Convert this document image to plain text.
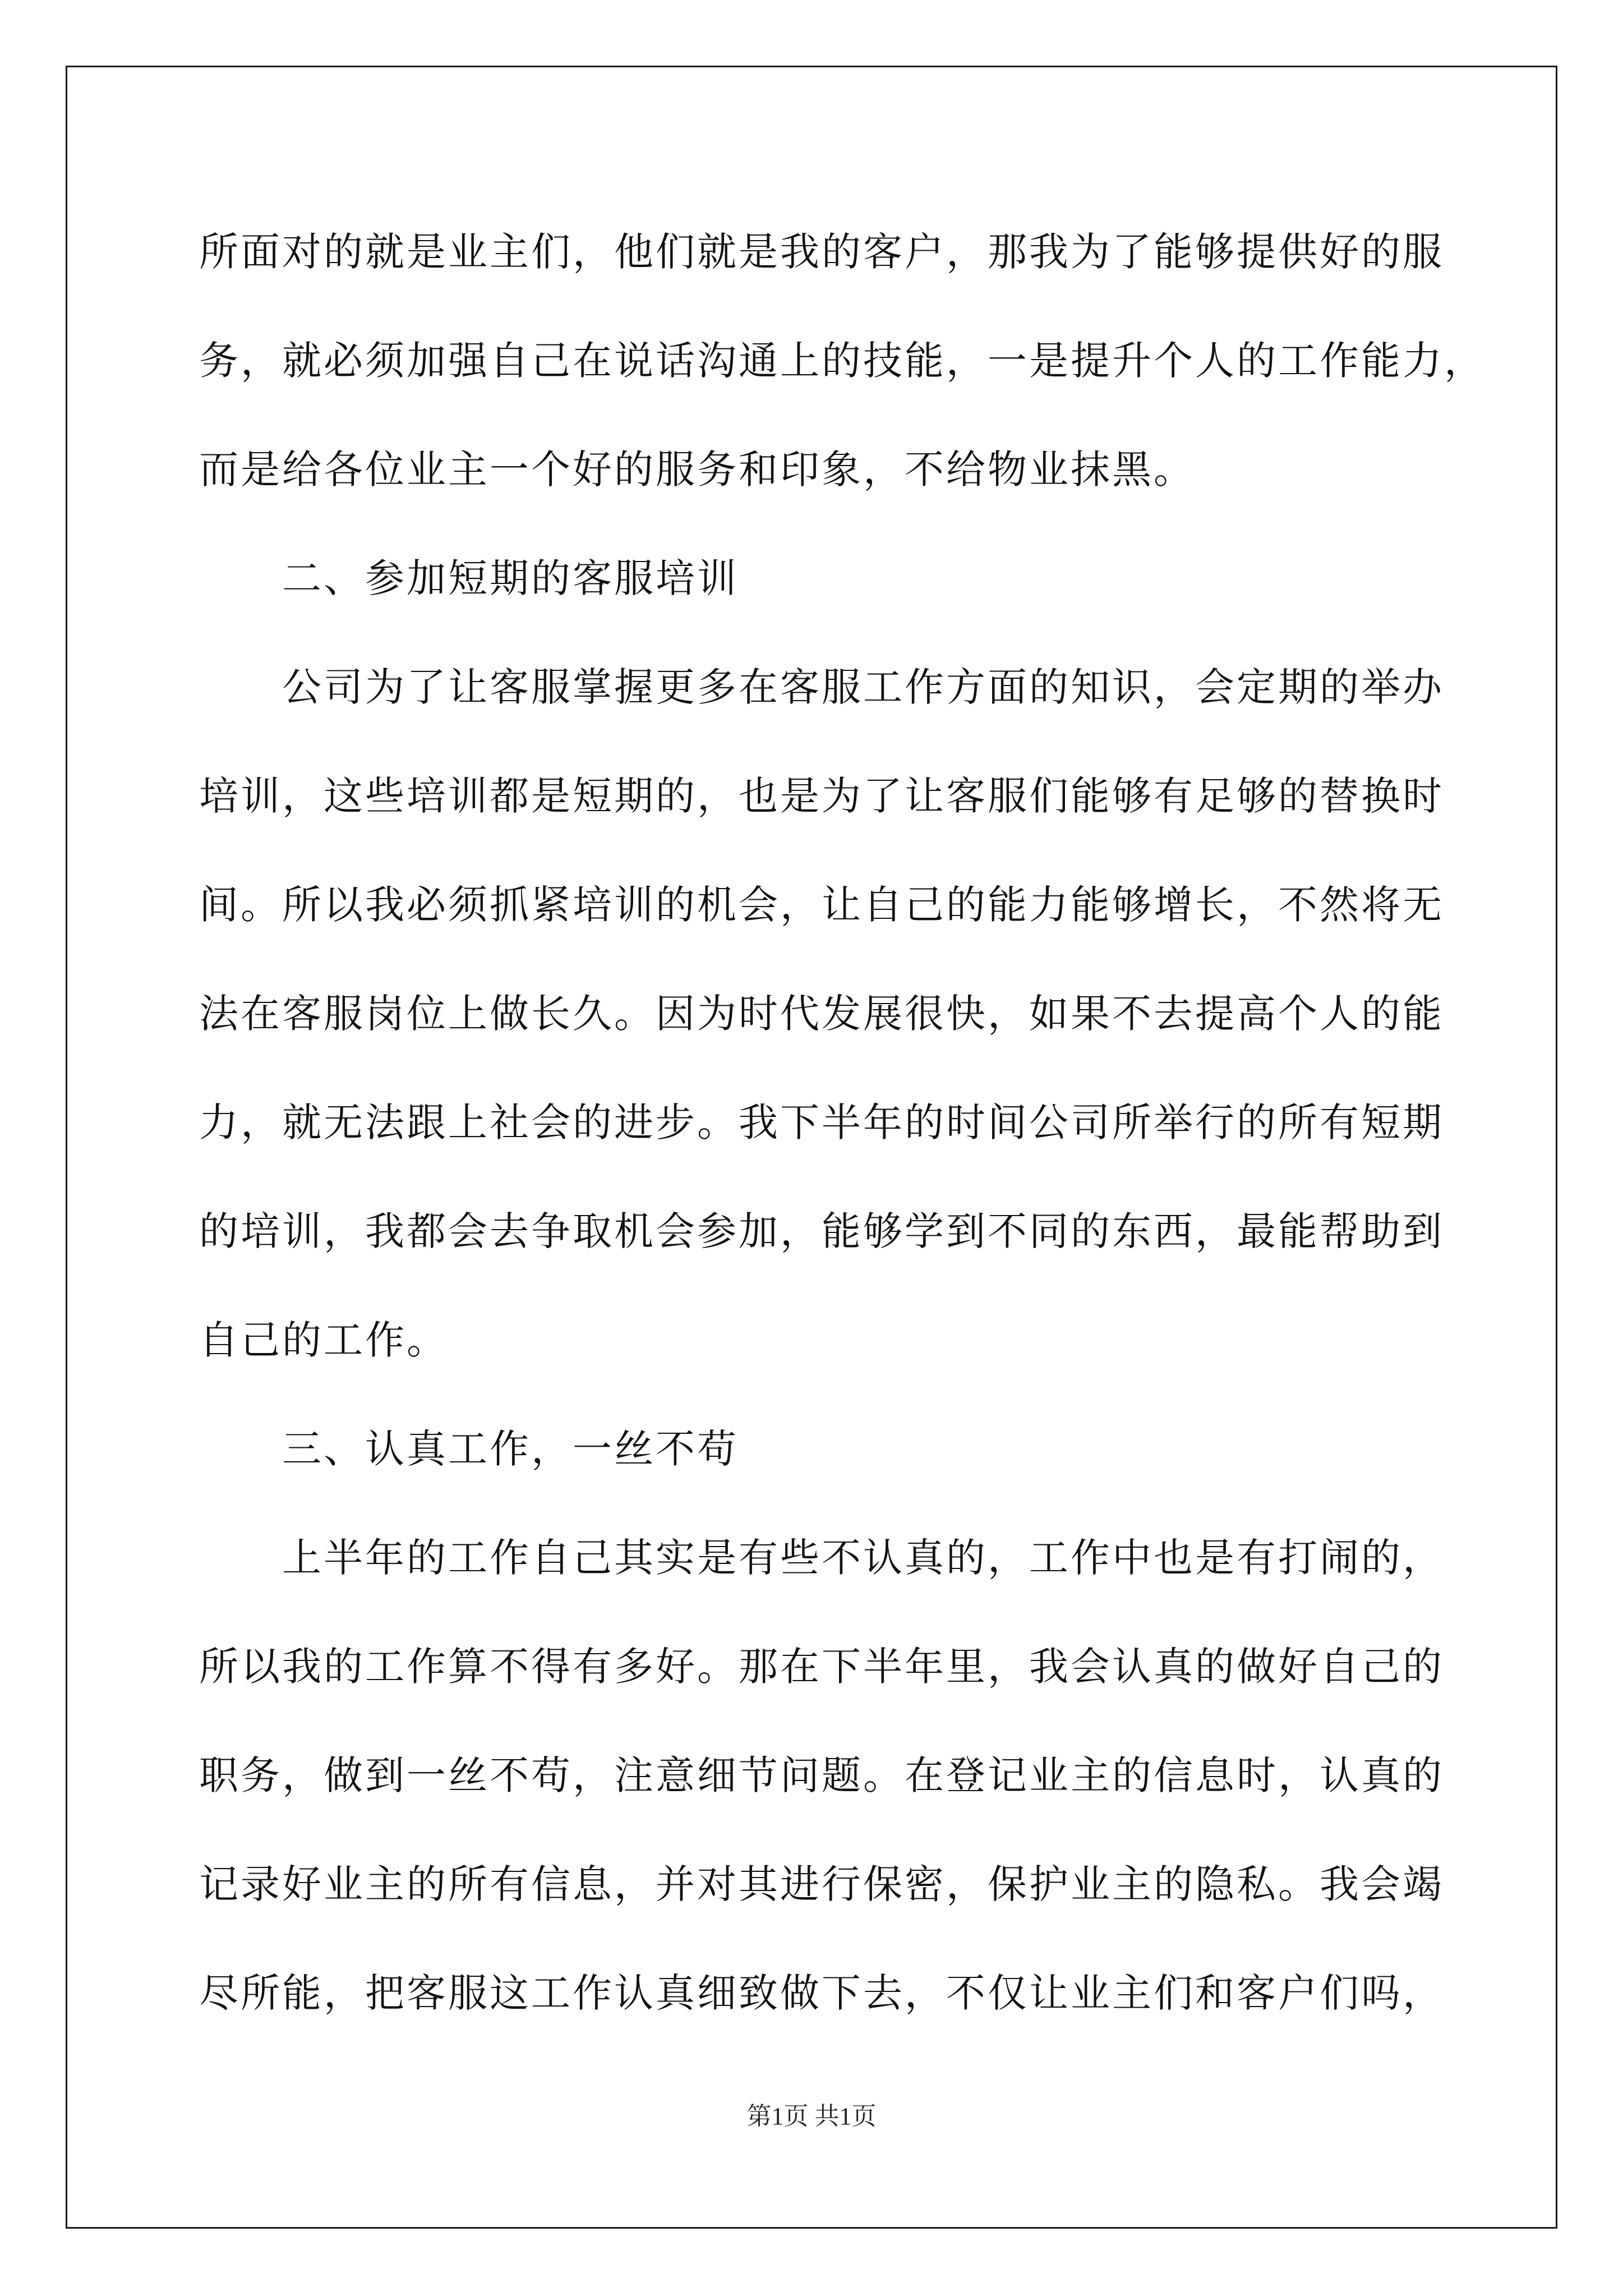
所面对的就是业主们，他们就是我的客户，那我为了能够提供好的服
务，就必须加强自己在说话沟通上的技能，一是提升个人的工作能力，
而是给各位业主一个好的服务和印象，不给物业抹黑。
二、参加短期的客服培训
公司为了让客服掌握更多在客服工作方面的知识，会定期的举办
培训，这些培训都是短期的，也是为了让客服们能够有足够的替换时
间。所以我必须抓紧培训的机会，让自己的能力能够增长，不然将无
法在客服岗位上做长久。因为时代发展很快，如果不去提高个人的能
力，就无法跟上社会的进步。我下半年的时间公司所举行的所有短期
的培训，我都会去争取机会参加，能够学到不同的东西，最能帮助到
自己的工作。
三、认真工作，一丝不苟
上半年的工作自己其实是有些不认真的，工作中也是有打闹的，
所以我的工作算不得有多好。那在下半年里，我会认真的做好自己的
职务，做到一丝不苟，注意细节问题。在登记业主的信息时，认真的
记录好业主的所有信息，并对其进行保密，保护业主的隐私。我会竭
尽所能，把客服这工作认真细致做下去，不仅让业主们和客户们吗，
第1页 共1页
